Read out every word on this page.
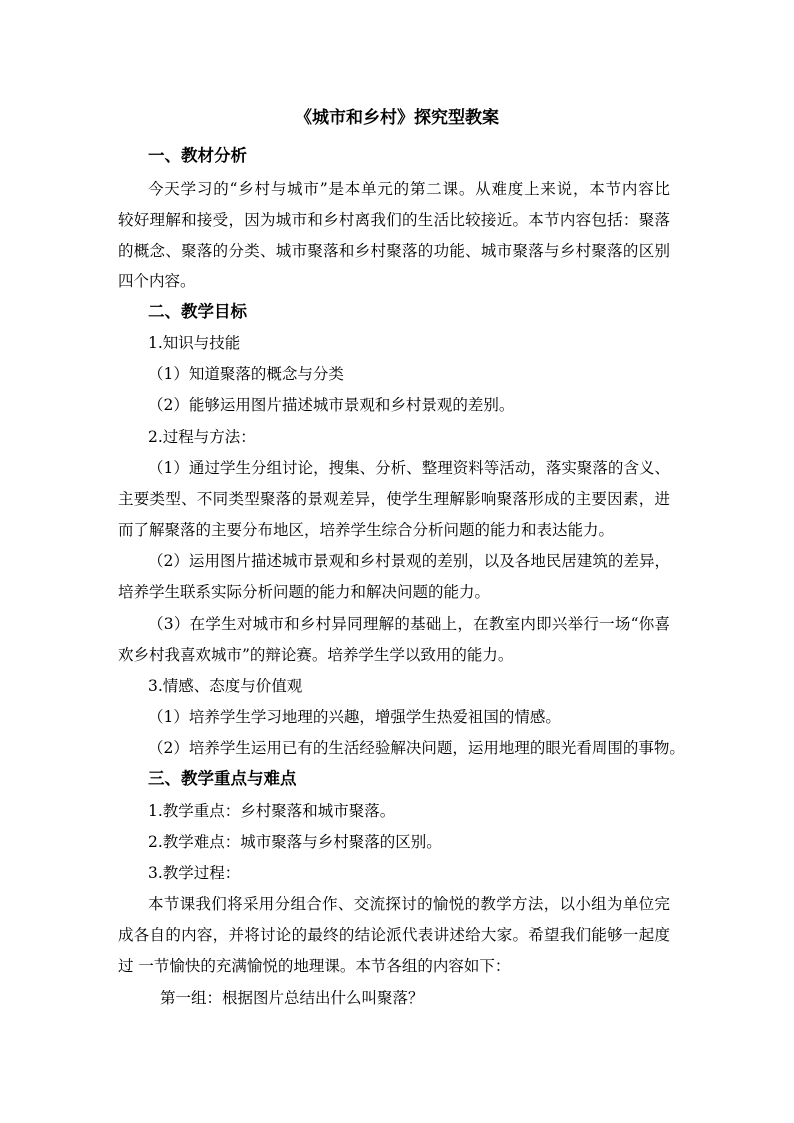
《城市和乡村》探究型教案
一、教材分析
今天学习的“乡村与城市”是本单元的第二课。从难度上来说，本节内容比
较好理解和接受，因为城市和乡村离我们的生活比较接近。本节内容包括：聚落
的概念、聚落的分类、城市聚落和乡村聚落的功能、城市聚落与乡村聚落的区别
四个内容。
二、教学目标
1.知识与技能
（1）知道聚落的概念与分类
（2）能够运用图片描述城市景观和乡村景观的差别。
2.过程与方法：
（1）通过学生分组讨论，搜集、分析、整理资料等活动，落实聚落的含义、
主要类型、不同类型聚落的景观差异，使学生理解影响聚落形成的主要因素，进
而了解聚落的主要分布地区，培养学生综合分析问题的能力和表达能力。
（2）运用图片描述城市景观和乡村景观的差别，以及各地民居建筑的差异，
培养学生联系实际分析问题的能力和解决问题的能力。
（3）在学生对城市和乡村异同理解的基础上，在教室内即兴举行一场“你喜
欢乡村我喜欢城市”的辩论赛。培养学生学以致用的能力。
3.情感、态度与价值观
（1）培养学生学习地理的兴趣，增强学生热爱祖国的情感。
（2）培养学生运用已有的生活经验解决问题，运用地理的眼光看周围的事物。
三、教学重点与难点
1.教学重点：乡村聚落和城市聚落。
2.教学难点：城市聚落与乡村聚落的区别。
3.教学过程：
本节课我们将采用分组合作、交流探讨的愉悦的教学方法，以小组为单位完
成各自的内容，并将讨论的最终的结论派代表讲述给大家。希望我们能够一起度
过 一节愉快的充满愉悦的地理课。本节各组的内容如下：
第一组：根据图片总结出什么叫聚落？
